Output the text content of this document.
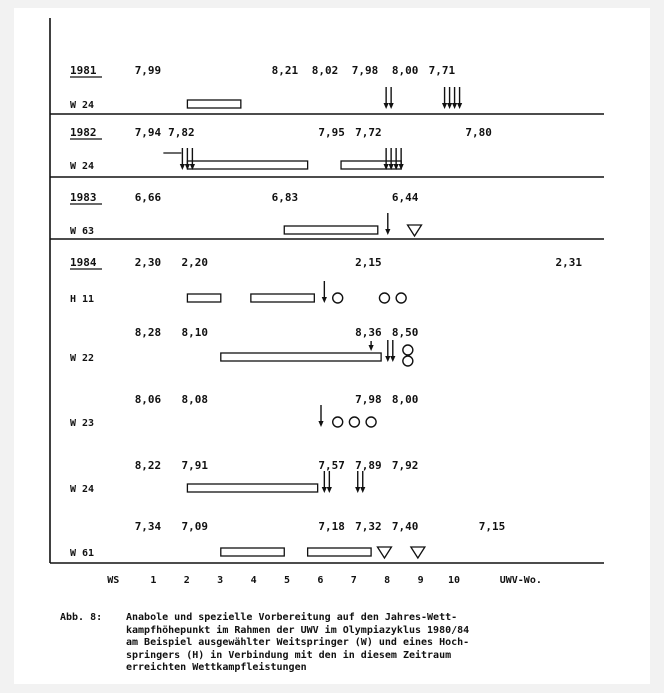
1981	7,99	8,21 8,02 7,98 8,00 7,71
W 24
1982	7,94 7,82	7,95 7,72	7,80
W 24
1983	6,66	6,83	6,44
W 63
1984	2,30 2,20	2,15	2,31
H 11
8,28 8,10	8,36 8,50
W 22
8,06 8,08	7,98 8,00
W 23
8,22 7,91	7,57 7,89 7,92
W 24
7,34 7,09	7,18 7,32 7,40	7,15
W 61
WS	1	2	3	4	5	6	7	8	9 10	UWV-Wo.
Abb. 8: Anabole und spezielle Vorbereitung auf den Jahres-Wett-
kampfhöhepunkt im Rahmen der UWV im Olympiazyklus 1980/84
am Beispiel ausgewählter Weitspringer (W) und eines Hoch-
springers (H) in Verbindung mit den in diesem Zeitraum
erreichten Wettkampfleistungen
